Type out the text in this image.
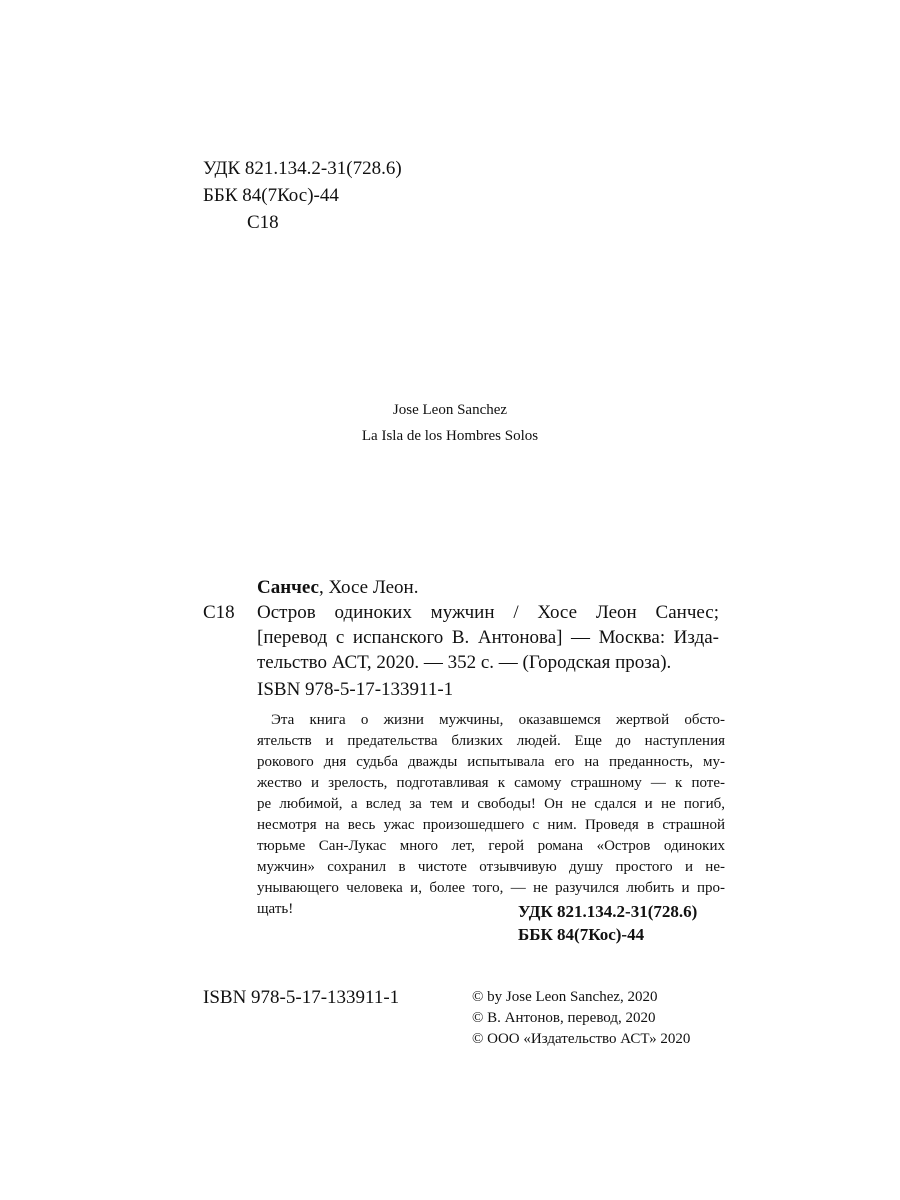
УДК 821.134.2-31(728.6)
ББК 84(7Кос)-44
С18
Jose Leon Sanchez
La Isla de los Hombres Solos
Санчес, Хосе Леон.
С18 Остров одиноких мужчин / Хосе Леон Санчес;
[перевод с испанского В. Антонова] — Москва: Изда-
тельство АСТ, 2020. — 352 с. — (Городская проза).
ISBN 978-5-17-133911-1
Эта книга о жизни мужчины, оказавшемся жертвой обсто-
ятельств и предательства близких людей. Еще до наступления
рокового дня судьба дважды испытывала его на преданность, му-
жество и зрелость, подготавливая к самому страшному — к поте-
ре любимой, а вслед за тем и свободы! Он не сдался и не погиб,
несмотря на весь ужас произошедшего с ним. Проведя в страшной
тюрьме Сан-Лукас много лет, герой романа «Остров одиноких
мужчин» сохранил в чистоте отзывчивую душу простого и не-
унывающего человека и, более того, — не разучился любить и про-
щать!	УДК 821.134.2-31(728.6)
ББК 84(7Кос)-44
ISBN 978-5-17-133911-1	© by Jose Leon Sanchez, 2020
© В. Антонов, перевод, 2020
© ООО «Издательство АСТ» 2020
